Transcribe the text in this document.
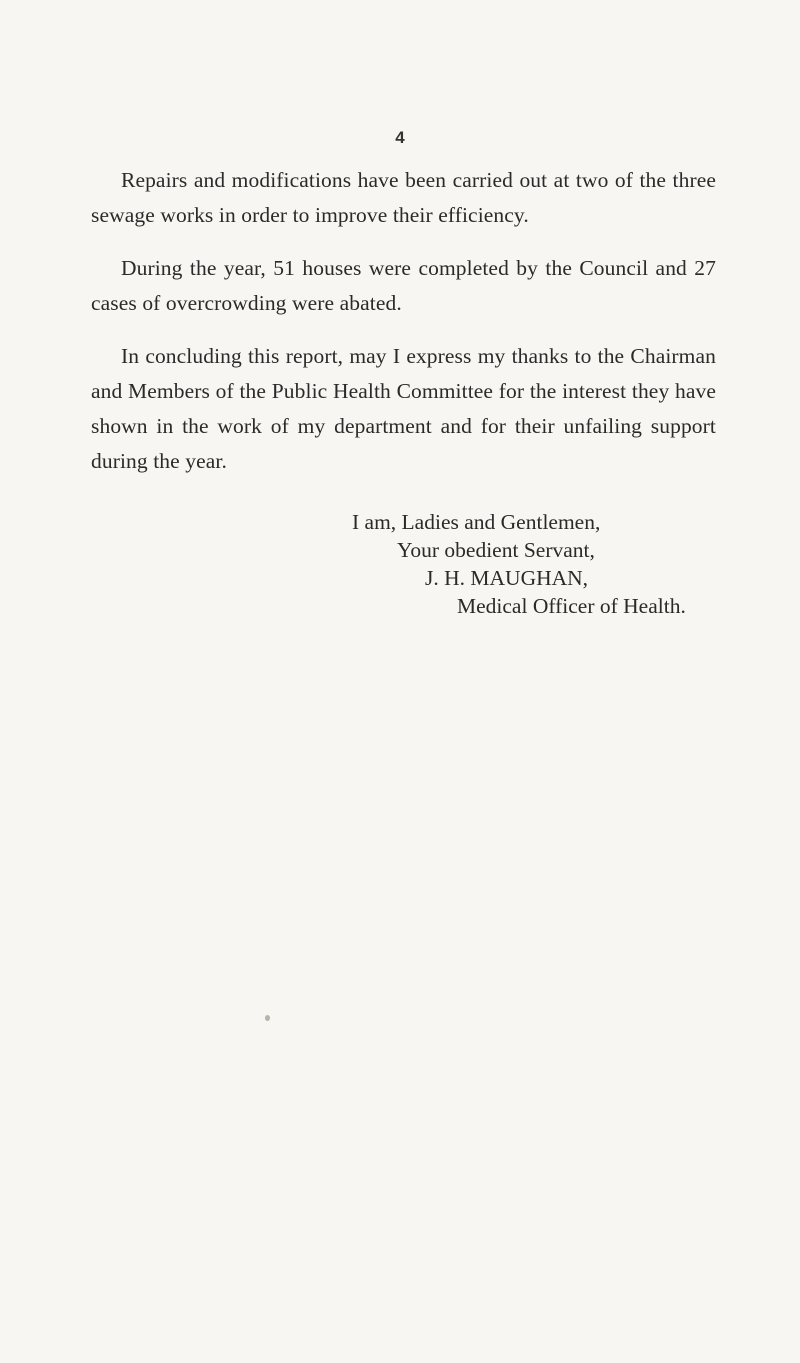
4

Repairs and modifications have been carried out at two of the three sewage works in order to improve their efficiency.

During the year, 51 houses were completed by the Council and 27 cases of overcrowding were abated.

In concluding this report, may I express my thanks to the Chairman and Members of the Public Health Committee for the interest they have shown in the work of my department and for their unfailing support during the year.

I am, Ladies and Gentlemen,
Your obedient Servant,
J. H. MAUGHAN,
Medical Officer of Health.
